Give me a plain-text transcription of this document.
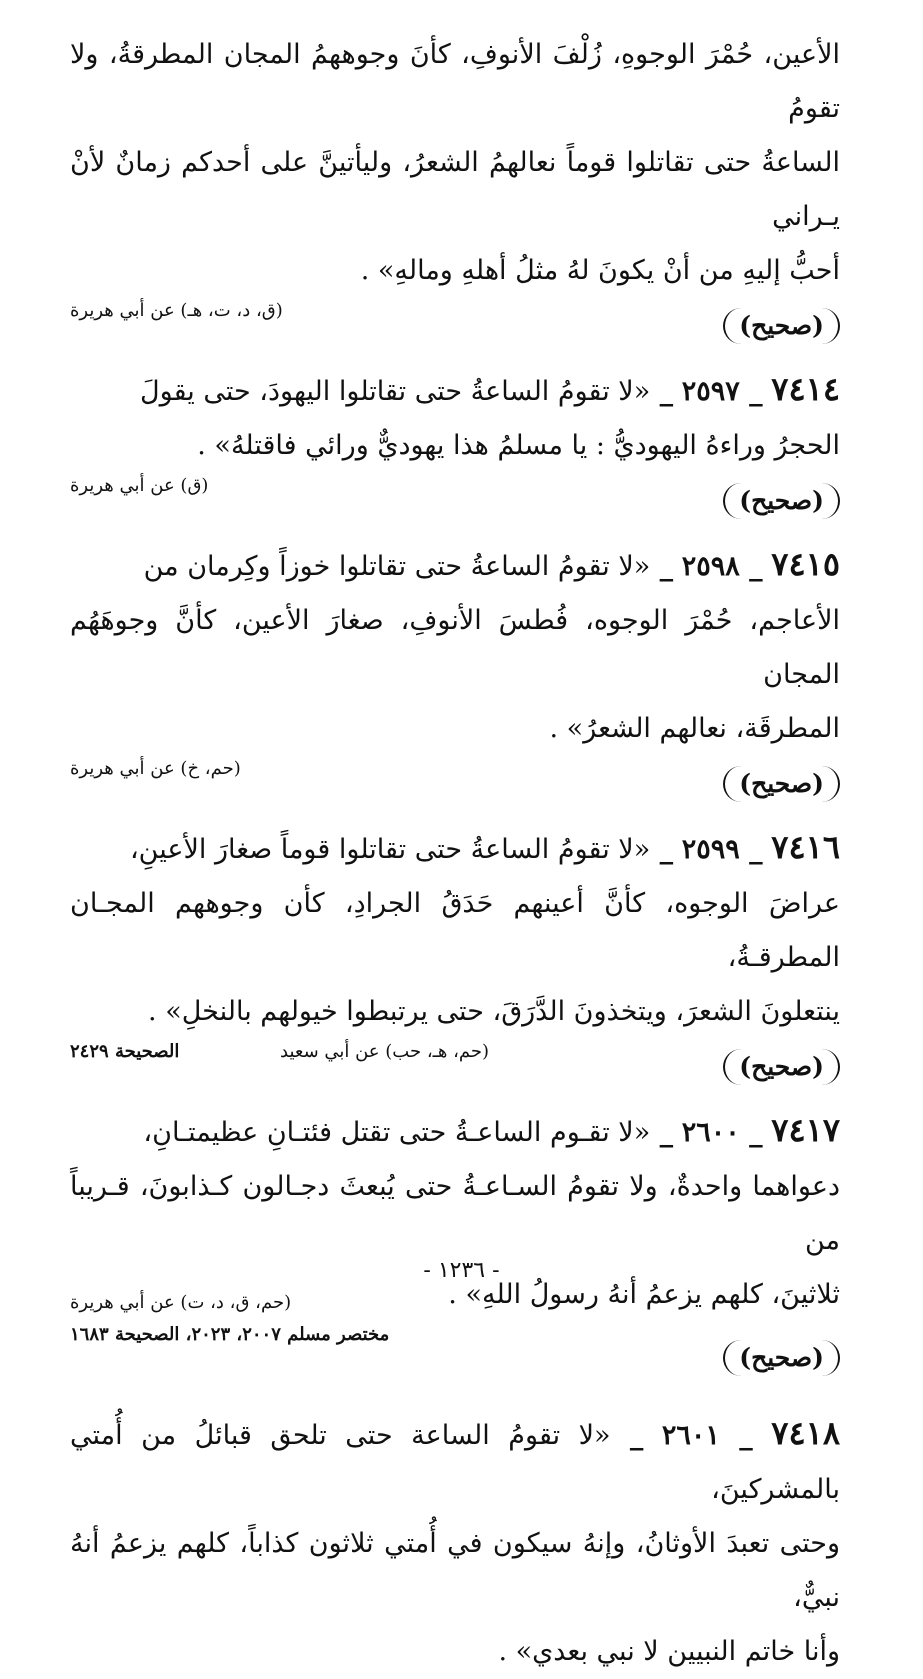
الأعين، حُمْرَ الوجوهِ، زُلْفَ الأنوفِ، كأنَ وجوههمُ المجان المطرقةُ، ولا تقومُ

الساعةُ حتى تقاتلوا قوماً نعالهمُ الشعرُ، وليأتينَّ على أحدكم زمانٌ لأنْ يـراني

أحبُّ إليهِ من أنْ يكونَ لهُ مثلُ أهلهِ ومالهِ» .

(صحيح)
(ق، د، ت، هـ) عن أبي هريرة

٧٤١٤ _ ٢٥٩٧ _ «لا تقومُ الساعةُ حتى تقاتلوا اليهودَ، حتى يقولَ

الحجرُ وراءهُ اليهوديُّ : يا مسلمُ هذا يهوديٌّ ورائي فاقتلهُ» .

(صحيح)
(ق) عن أبي هريرة

٧٤١٥ _ ٢٥٩٨ _ «لا تقومُ الساعةُ حتى تقاتلوا خوزاً وكِرمان من

الأعاجم، حُمْرَ الوجوه، فُطسَ الأنوفِ، صغارَ الأعين، كأنَّ وجوهَهُم المجان

المطرقَة، نعالهم الشعرُ» .

(صحيح)
(حم، خ) عن أبي هريرة

٧٤١٦ _ ٢٥٩٩ _ «لا تقومُ الساعةُ حتى تقاتلوا قوماً صغارَ الأعينِ،

عراضَ الوجوه، كأنَّ أعينهم حَدَقُ الجرادِ، كأن وجوههم المجـان المطرقـةُ،

ينتعلونَ الشعرَ، ويتخذونَ الدَّرَقَ، حتى يرتبطوا خيولهم بالنخلِ» .

(صحيح)
(حم، هـ، حب) عن أبي سعيد
الصحيحة ٢٤٢٩

٧٤١٧ _ ٢٦٠٠ _ «لا تقـوم الساعـةُ حتى تقتل فئتـانِ عظيمتـانِ،

دعواهما واحدةٌ، ولا تقومُ السـاعـةُ حتى يُبعثَ دجـالون كـذابونَ، قـريباً من

ثلاثينَ، كلهم يزعمُ أنهُ رسولُ اللهِ» .
(حم، ق، د، ت) عن أبي هريرة

(صحيح)
مختصر مسلم ٢٠٠٧، ٢٠٢٣، الصحيحة ١٦٨٣

٧٤١٨ _ ٢٦٠١ _ «لا تقومُ الساعة حتى تلحق قبائلُ من أُمتي بالمشركينَ،

وحتى تعبدَ الأوثانُ، وإنهُ سيكون في أُمتي ثلاثون كذاباً، كلهم يزعمُ أنهُ نبيٌّ،

وأنا خاتم النبيين لا نبي بعدي» .

- ١٢٣٦ -
